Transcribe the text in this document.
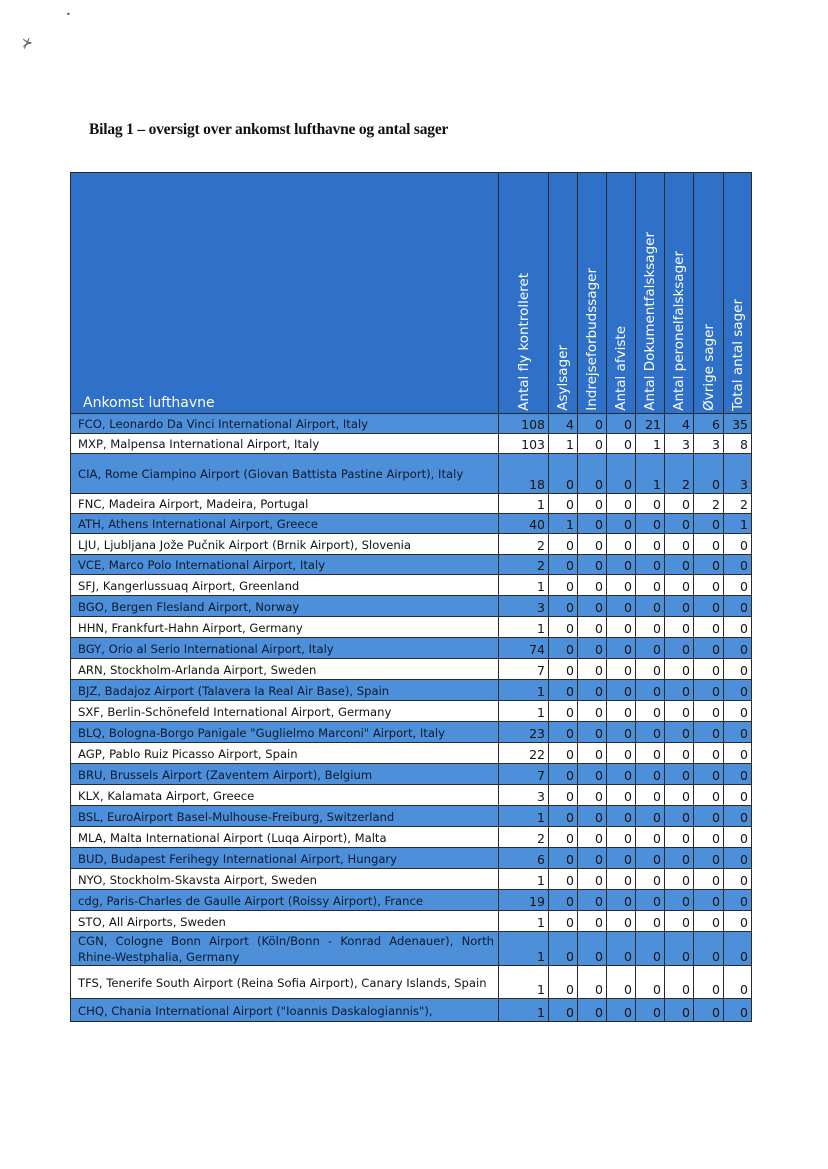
•
⊁
Bilag 1 – oversigt over ankomst lufthavne og antal sager
Ankomst lufthavne	Antal fly kontrolleret	Asylsager	Indrejseforbudssager	Antal afviste	Antal Dokumentfalsksager	Antal peronelfalsksager	Øvrige sager	Total antal sager

FCO, Leonardo Da Vinci International Airport, Italy	108	4	0	0	21	4	6	35
MXP, Malpensa International Airport, Italy	103	1	0	0	1	3	3	8
CIA, Rome Ciampino Airport (Giovan Battista Pastine Airport), Italy	18	0	0	0	1	2	0	3
FNC, Madeira Airport, Madeira, Portugal	1	0	0	0	0	0	2	2
ATH, Athens International Airport, Greece	40	1	0	0	0	0	0	1
LJU, Ljubljana Jože Pučnik Airport (Brnik Airport), Slovenia	2	0	0	0	0	0	0	0
VCE, Marco Polo International Airport, Italy	2	0	0	0	0	0	0	0
SFJ, Kangerlussuaq Airport, Greenland	1	0	0	0	0	0	0	0
BGO, Bergen Flesland Airport, Norway	3	0	0	0	0	0	0	0
HHN, Frankfurt-Hahn Airport, Germany	1	0	0	0	0	0	0	0
BGY, Orio al Serio International Airport, Italy	74	0	0	0	0	0	0	0
ARN, Stockholm-Arlanda Airport, Sweden	7	0	0	0	0	0	0	0
BJZ, Badajoz Airport (Talavera la Real Air Base), Spain	1	0	0	0	0	0	0	0
SXF, Berlin-Schönefeld International Airport, Germany	1	0	0	0	0	0	0	0
BLQ, Bologna-Borgo Panigale "Guglielmo Marconi" Airport, Italy	23	0	0	0	0	0	0	0
AGP, Pablo Ruiz Picasso Airport, Spain	22	0	0	0	0	0	0	0
BRU, Brussels Airport (Zaventem Airport), Belgium	7	0	0	0	0	0	0	0
KLX, Kalamata Airport, Greece	3	0	0	0	0	0	0	0
BSL, EuroAirport Basel-Mulhouse-Freiburg, Switzerland	1	0	0	0	0	0	0	0
MLA, Malta International Airport (Luqa Airport), Malta	2	0	0	0	0	0	0	0
BUD, Budapest Ferihegy International Airport, Hungary	6	0	0	0	0	0	0	0
NYO, Stockholm-Skavsta Airport, Sweden	1	0	0	0	0	0	0	0
cdg, Paris-Charles de Gaulle Airport (Roissy Airport), France	19	0	0	0	0	0	0	0
STO, All Airports, Sweden	1	0	0	0	0	0	0	0
CGN, Cologne Bonn Airport (Köln/Bonn - Konrad Adenauer), North Rhine-Westphalia, Germany	1	0	0	0	0	0	0	0
TFS, Tenerife South Airport (Reina Sofia Airport), Canary Islands, Spain	1	0	0	0	0	0	0	0
CHQ, Chania International Airport ("Ioannis Daskalogiannis"),	1	0	0	0	0	0	0	0
